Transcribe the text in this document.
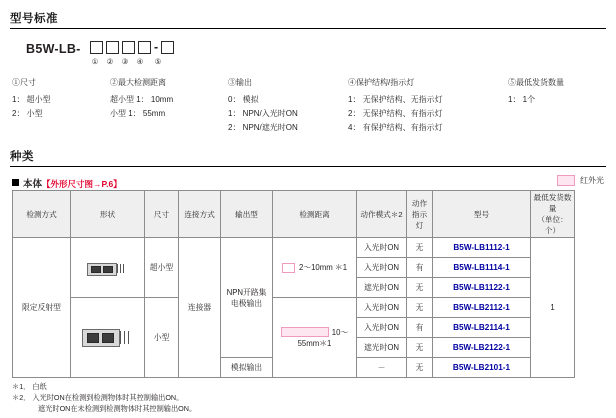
型号标准
B5W-LB-	-
①	②	③	④	⑤
①尺寸
1： 超小型
2： 小型
②最大检测距离
超小型 1： 10mm
小型 1： 55mm
③输出
0： 模拟
1： NPN/入光时ON
2： NPN/遮光时ON
④保护结构/指示灯
1： 无保护结构、无指示灯
2： 无保护结构、有指示灯
4： 有保护结构、有指示灯
⑤最低发货数量
1： 1个
种类
本体【外形尺寸图→P.6】	红外光
检测方式	形状	尺寸	连接方式	输出型	检测距离	动作模式＊2	
动作
指示灯
	型号	
最低发货数量
（单位：个）

限定反射型		超小型	连接器	NPN开路集电极输出	2～10mm ＊1	入光时ON	无	B5W-LB1112-1	1
						入光时ON	有	B5W-LB1114-1	
						遮光时ON	无	B5W-LB1122-1	

		小型			10～55mm＊1	入光时ON	无	B5W-LB2112-1	
						入光时ON	有	B5W-LB2114-1	
						遮光时ON	无	B5W-LB2122-1	
				模拟输出		－	无	B5W-LB2101-1	
＊1． 白纸
＊2． 入光时ON在检测到检测物体时其控制输出ON。
遮光时ON在未检测到检测物体时其控制输出ON。
